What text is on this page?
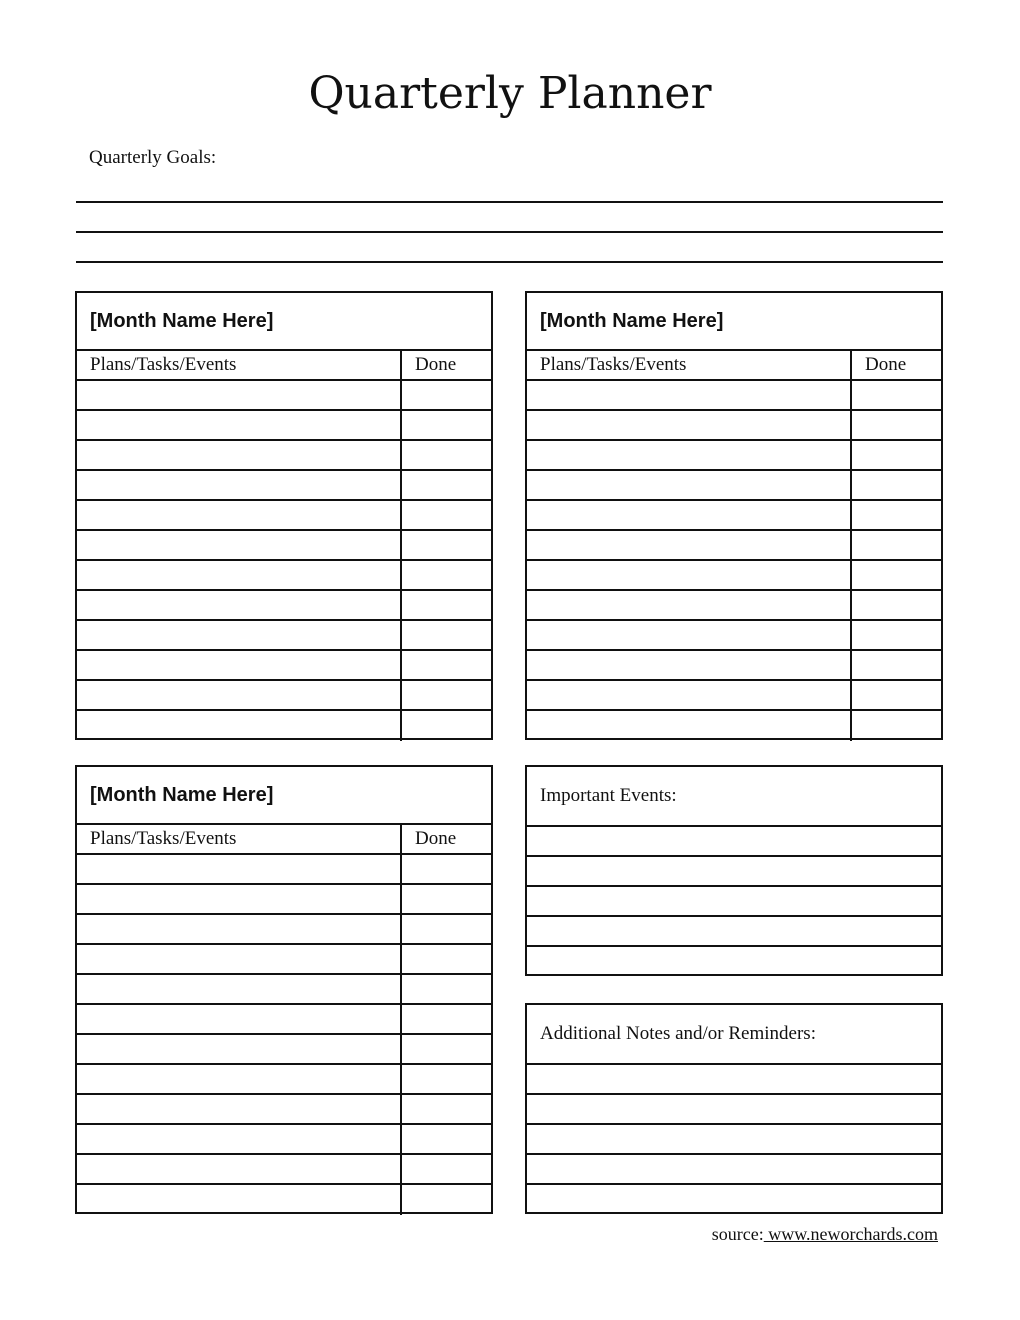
Quarterly Planner
Quarterly Goals:
[Month Name Here]
Plans/Tasks/Events	Done
[Month Name Here]
Plans/Tasks/Events	Done
[Month Name Here]
Plans/Tasks/Events	Done
Important Events:
Additional Notes and/or Reminders:
source: www.neworchards.com
